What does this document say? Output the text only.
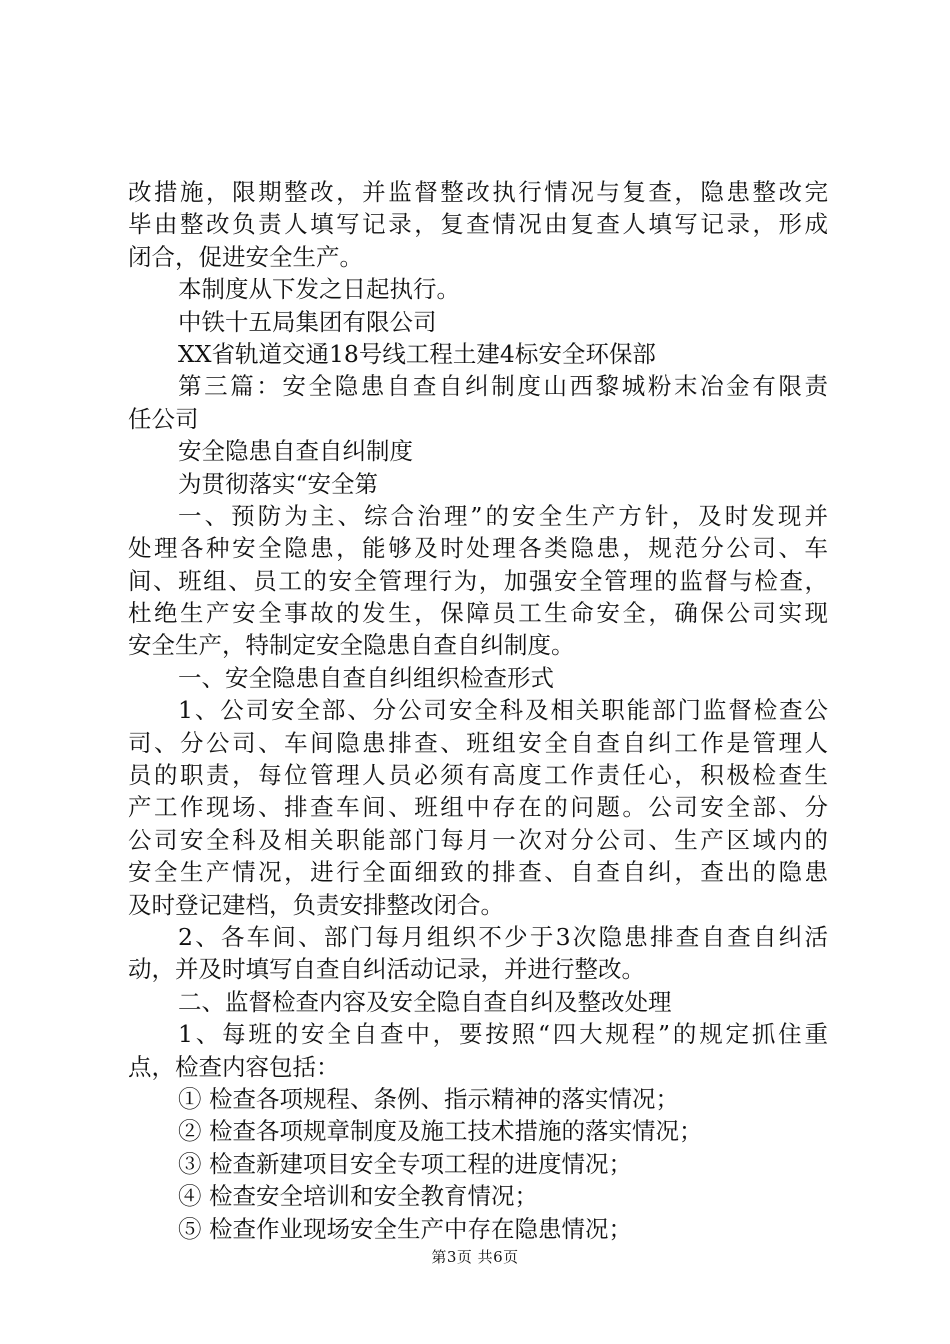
改措施，限期整改，并监督整改执行情况与复查，隐患整改完
毕由整改负责人填写记录，复查情况由复查人填写记录，形成
闭合，促进安全生产。
本制度从下发之日起执行。
中铁十五局集团有限公司
XX省轨道交通18号线工程土建4标安全环保部
第三篇：安全隐患自查自纠制度山西黎城粉末冶金有限责
任公司
安全隐患自查自纠制度
为贯彻落实“安全第
一、预防为主、综合治理”的安全生产方针，及时发现并
处理各种安全隐患，能够及时处理各类隐患，规范分公司、车
间、班组、员工的安全管理行为，加强安全管理的监督与检查，
杜绝生产安全事故的发生，保障员工生命安全，确保公司实现
安全生产，特制定安全隐患自查自纠制度。
一、安全隐患自查自纠组织检查形式
1、公司安全部、分公司安全科及相关职能部门监督检查公
司、分公司、车间隐患排查、班组安全自查自纠工作是管理人
员的职责，每位管理人员必须有高度工作责任心，积极检查生
产工作现场、排查车间、班组中存在的问题。公司安全部、分
公司安全科及相关职能部门每月一次对分公司、生产区域内的
安全生产情况，进行全面细致的排查、自查自纠，查出的隐患
及时登记建档，负责安排整改闭合。
2、各车间、部门每月组织不少于3次隐患排查自查自纠活
动，并及时填写自查自纠活动记录，并进行整改。
二、监督检查内容及安全隐自查自纠及整改处理
1、每班的安全自查中，要按照“四大规程”的规定抓住重
点，检查内容包括：
① 检查各项规程、条例、指示精神的落实情况；
② 检查各项规章制度及施工技术措施的落实情况；
③ 检查新建项目安全专项工程的进度情况；
④ 检查安全培训和安全教育情况；
⑤ 检查作业现场安全生产中存在隐患情况；
第3页 共6页
